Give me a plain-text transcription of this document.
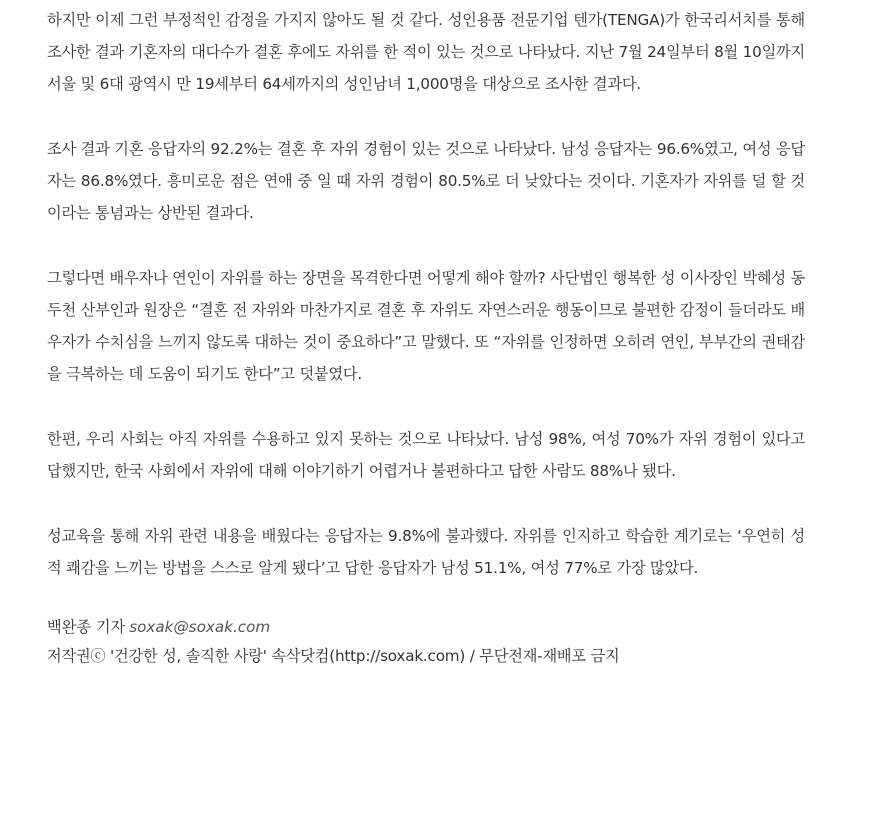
하지만 이제 그런 부정적인 감정을 가지지 않아도 될 것 같다. 성인용품 전문기업 텐가(TENGA)가 한국리서치를 통해 조사한 결과 기혼자의 대다수가 결혼 후에도 자위를 한 적이 있는 것으로 나타났다. 지난 7월 24일부터 8월 10일까지 서울 및 6대 광역시 만 19세부터 64세까지의 성인남녀 1,000명을 대상으로 조사한 결과다.

조사 결과 기혼 응답자의 92.2%는 결혼 후 자위 경험이 있는 것으로 나타났다. 남성 응답자는 96.6%였고, 여성 응답자는 86.8%였다. 흥미로운 점은 연애 중 일 때 자위 경험이 80.5%로 더 낮았다는 것이다. 기혼자가 자위를 덜 할 것이라는 통념과는 상반된 결과다.

그렇다면 배우자나 연인이 자위를 하는 장면을 목격한다면 어떻게 해야 할까? 사단법인 행복한 성 이사장인 박혜성 동두천 산부인과 원장은 “결혼 전 자위와 마찬가지로 결혼 후 자위도 자연스러운 행동이므로 불편한 감정이 들더라도 배우자가 수치심을 느끼지 않도록 대하는 것이 중요하다”고 말했다. 또 “자위를 인정하면 오히려 연인, 부부간의 권태감을 극복하는 데 도움이 되기도 한다”고 덧붙였다.

한편, 우리 사회는 아직 자위를 수용하고 있지 못하는 것으로 나타났다. 남성 98%, 여성 70%가 자위 경험이 있다고 답했지만, 한국 사회에서 자위에 대해 이야기하기 어렵거나 불편하다고 답한 사람도 88%나 됐다.

성교육을 통해 자위 관련 내용을 배웠다는 응답자는 9.8%에 불과했다. 자위를 인지하고 학습한 계기로는 ‘우연히 성적 쾌감을 느끼는 방법을 스스로 알게 됐다’고 답한 응답자가 남성 51.1%, 여성 77%로 가장 많았다.

백완종 기자 soxak@soxak.com
저작권ⓒ '건강한 성, 솔직한 사랑' 속삭닷컴(http://soxak.com) / 무단전재-재배포 금지
